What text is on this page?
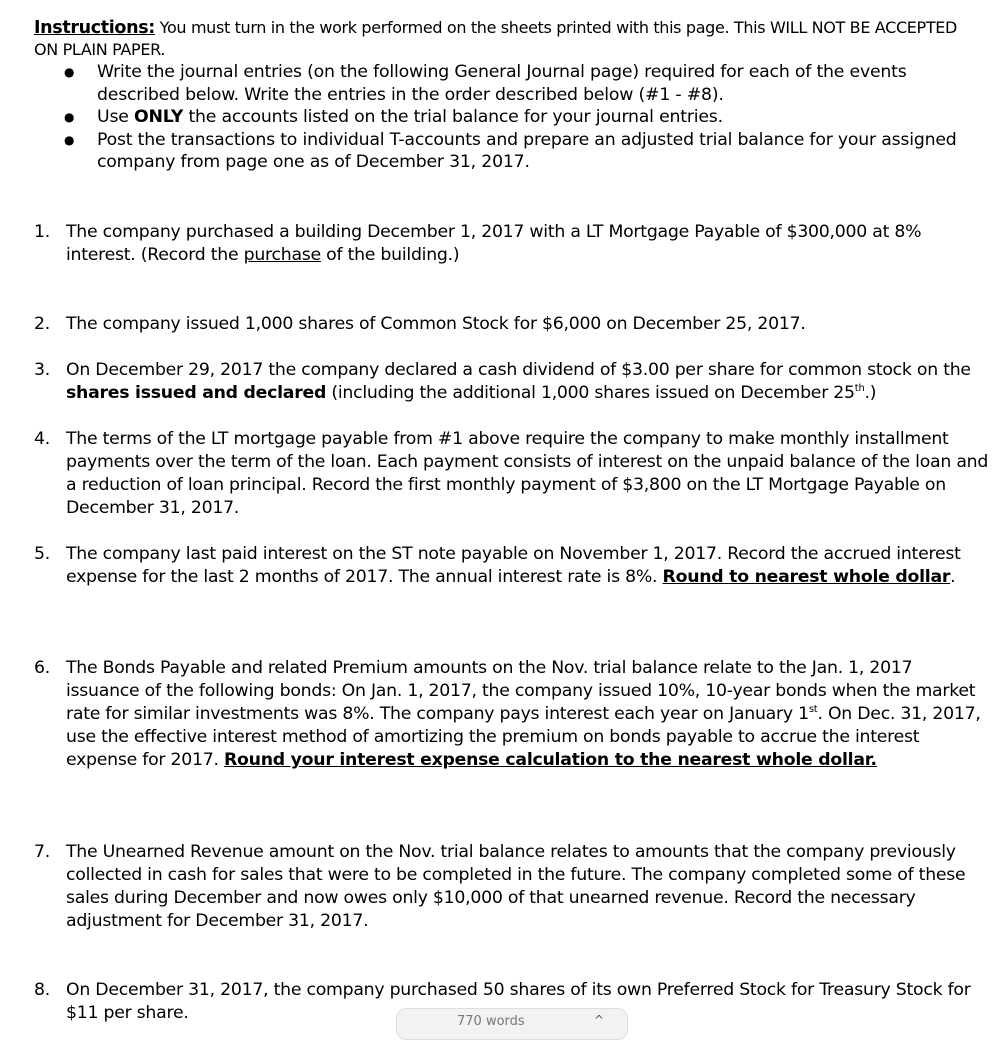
Instructions: You must turn in the work performed on the sheets printed with this page. This WILL NOT BE ACCEPTED ON PLAIN PAPER.
● Write the journal entries (on the following General Journal page) required for each of the events described below. Write the entries in the order described below (#1 - #8).
● Use ONLY the accounts listed on the trial balance for your journal entries.
● Post the transactions to individual T-accounts and prepare an adjusted trial balance for your assigned company from page one as of December 31, 2017.
1. The company purchased a building December 1, 2017 with a LT Mortgage Payable of $300,000 at 8% interest. (Record the purchase of the building.)
2. The company issued 1,000 shares of Common Stock for $6,000 on December 25, 2017.
3. On December 29, 2017 the company declared a cash dividend of $3.00 per share for common stock on the shares issued and declared (including the additional 1,000 shares issued on December 25th.)
4. The terms of the LT mortgage payable from #1 above require the company to make monthly installment payments over the term of the loan. Each payment consists of interest on the unpaid balance of the loan and a reduction of loan principal. Record the first monthly payment of $3,800 on the LT Mortgage Payable on December 31, 2017.
5. The company last paid interest on the ST note payable on November 1, 2017. Record the accrued interest expense for the last 2 months of 2017. The annual interest rate is 8%. Round to nearest whole dollar.
6. The Bonds Payable and related Premium amounts on the Nov. trial balance relate to the Jan. 1, 2017 issuance of the following bonds: On Jan. 1, 2017, the company issued 10%, 10-year bonds when the market rate for similar investments was 8%. The company pays interest each year on January 1st. On Dec. 31, 2017, use the effective interest method of amortizing the premium on bonds payable to accrue the interest expense for 2017. Round your interest expense calculation to the nearest whole dollar.
7. The Unearned Revenue amount on the Nov. trial balance relates to amounts that the company previously collected in cash for sales that were to be completed in the future. The company completed some of these sales during December and now owes only $10,000 of that unearned revenue. Record the necessary adjustment for December 31, 2017.
8. On December 31, 2017, the company purchased 50 shares of its own Preferred Stock for Treasury Stock for $11 per share.	770 words	^
